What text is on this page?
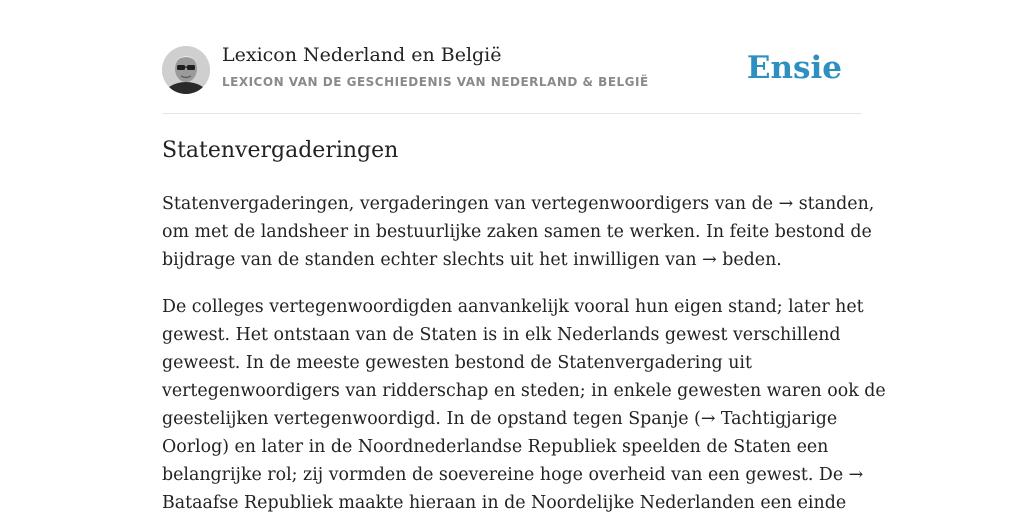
Lexicon Nederland en België
LEXICON VAN DE GESCHIEDENIS VAN NEDERLAND & BELGIË	Ensie
Statenvergaderingen

Statenvergaderingen, vergaderingen van vertegenwoordigers van de → standen,
om met de landsheer in bestuurlijke zaken samen te werken. In feite bestond de
bijdrage van de standen echter slechts uit het inwilligen van → beden.

De colleges vertegenwoordigden aanvankelijk vooral hun eigen stand; later het
gewest. Het ontstaan van de Staten is in elk Nederlands gewest verschillend
geweest. In de meeste gewesten bestond de Statenvergadering uit
vertegenwoordigers van ridderschap en steden; in enkele gewesten waren ook de
geestelijken vertegenwoordigd. In de opstand tegen Spanje (→ Tachtigjarige
Oorlog) en later in de Noordnederlandse Republiek speelden de Staten een
belangrijke rol; zij vormden de soevereine hoge overheid van een gewest. De →
Bataafse Republiek maakte hieraan in de Noordelijke Nederlanden een einde
